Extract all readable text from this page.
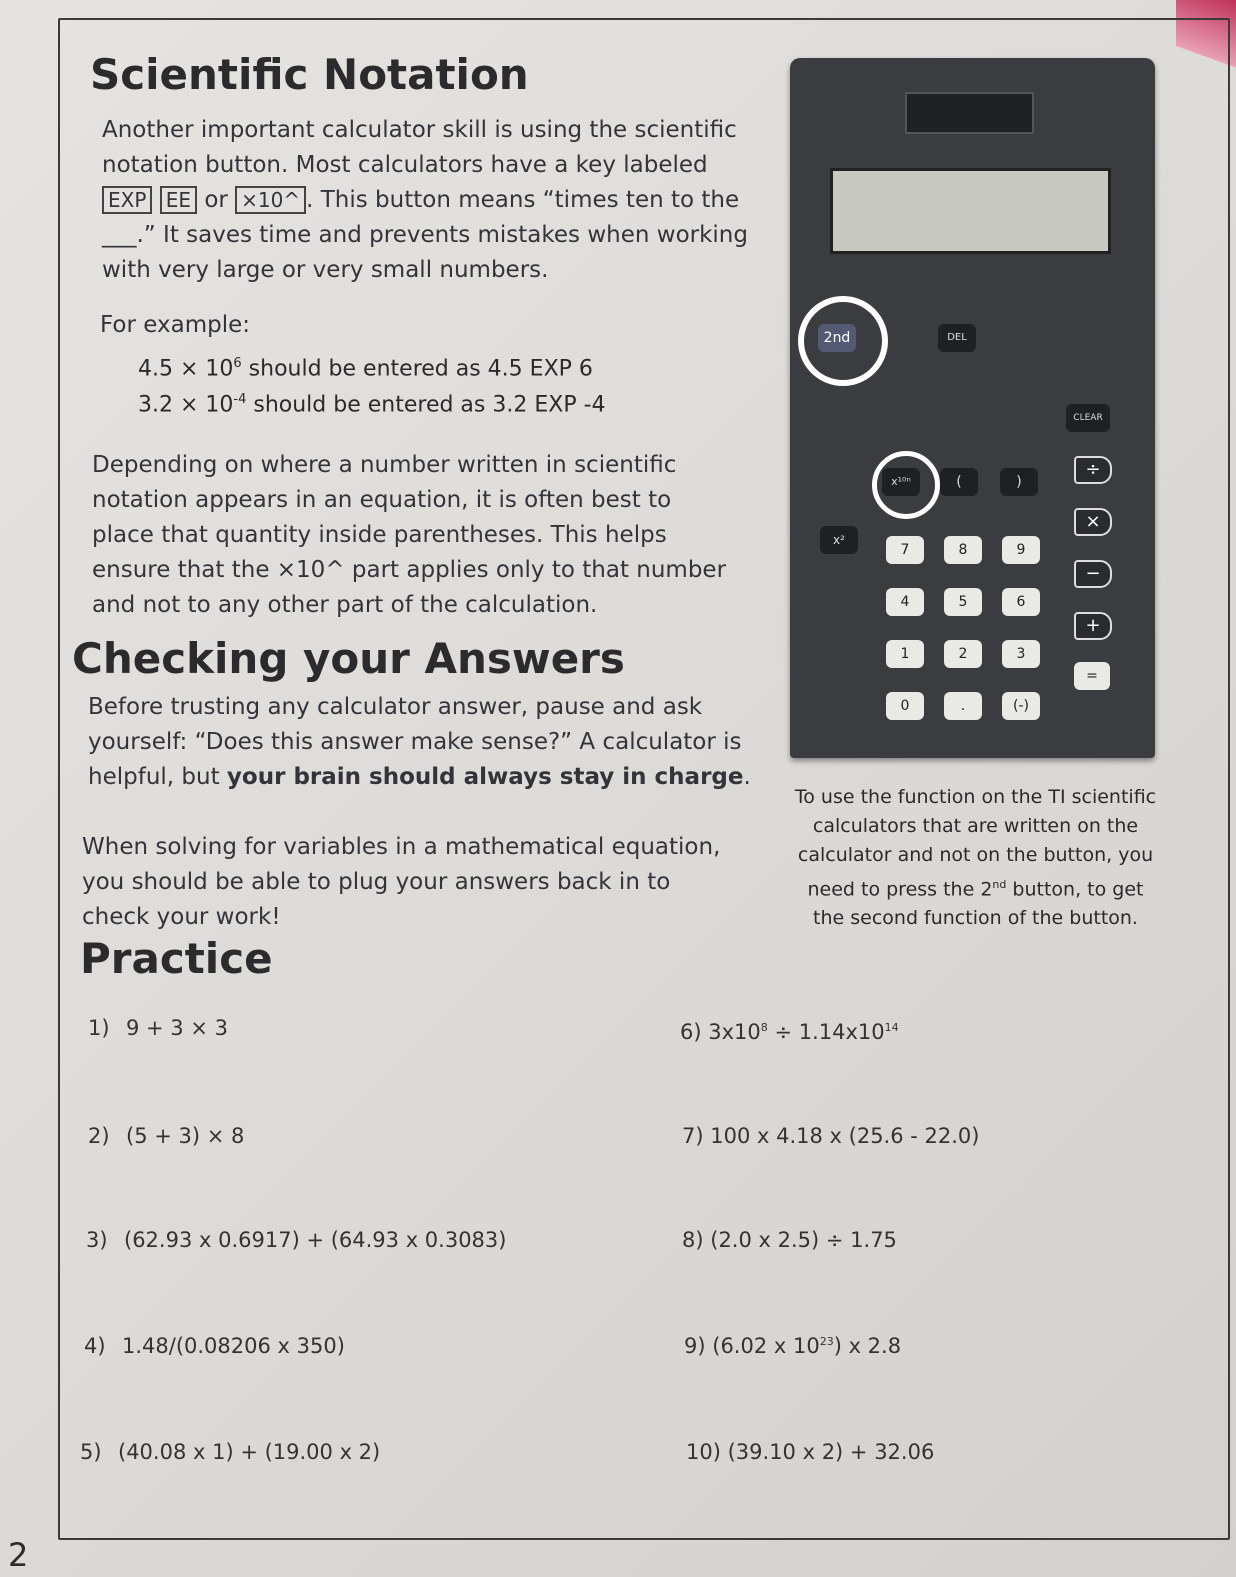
Scientific Notation
Another important calculator skill is using the scientific
notation button. Most calculators have a key labeled
EXP EE or ×10^ . This button means “times ten to the
___.” It saves time and prevents mistakes when working
with very large or very small numbers.
For example:
$4.5 \times 10^6$ should be entered as 4.5 EXP 6
$3.2 \times 10^{-4}$ should be entered as 3.2 EXP -4
Depending on where a number written in scientific
notation appears in an equation, it is often best to
place that quantity inside parentheses. This helps
ensure that the ×10^ part applies only to that number
and not to any other part of the calculation.
Checking your Answers
Before trusting any calculator answer, pause and ask
yourself: “Does this answer make sense?” A calculator is
helpful, but your brain should always stay in charge.
When solving for variables in a mathematical equation,
you should be able to plug your answers back in to
check your work!
2nd	DEL
CLEAR
x¹⁰ⁿ
x²
(	)
7	8	9
4	5	6
1	2	3
0	.	(-)
÷
×
−
+
=
To use the function on the TI scientific
calculators that are written on the
calculator and not on the button, you
need to press the 2nd button, to get
the second function of the button.
Practice
1) 9 + 3 × 3
2) (5 + 3) × 8
3) (62.93 x 0.6917) + (64.93 x 0.3083)
4) 1.48/(0.08206 x 350)
5) (40.08 x 1) + (19.00 x 2)
6) $3x10^8 \div 1.14x10^{14}$
7) 100 x 4.18 x (25.6 - 22.0)
8) (2.0 x 2.5) ÷ 1.75
9) (6.02 x $10^{23}$) x 2.8
10) (39.10 x 2) + 32.06
2
